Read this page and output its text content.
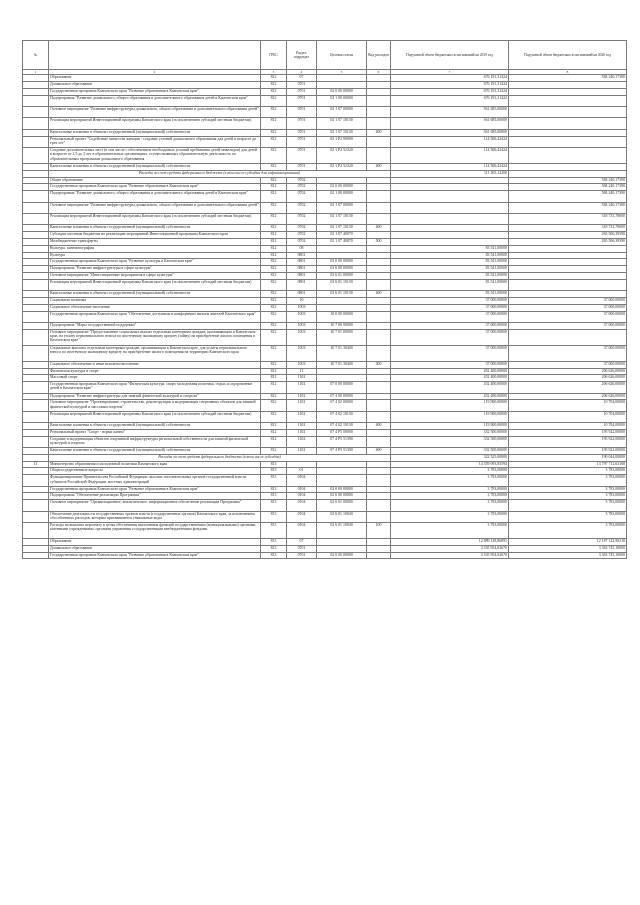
№		ГРБС	Раздел, подраздел	Целевая статья	Вид расходов	Подушевой объем бюджетных ассигнований на 2019 год	Подушевой объем бюджетных ассигнований на 2020 год
1	2	3	4	5	6	7	8
	Образование	812	07			676 191,31424	584 240,17390
	Дошкольное образование	812	0701			676 191,31424	
	Государственная программа Камчатского края "Развитие образования в Камчатском крае"	812	0701	02 0 00 00000		676 191,31424	
	Подпрограмма "Развитие дошкольного, общего образования и дополнительного образования детей в Камчатском крае"	812	0701	02 1 00 00000		676 191,31424	
	Основное мероприятие "Развитие инфраструктуры дошкольного, общего образования и дополнительного образования детей"	812	0701	02 1 07 00000		561 685,00000	
	Реализация мероприятий Инвестиционной программы Камчатского края (за исключением субсидий местным бюджетам)	812	0701	02 1 07 10130		561 685,00000	
	Капитальные вложения в объекты государственной (муниципальной) собственности	812	0701	02 1 07 10130	400	561 685,00000	
	Региональный проект "Содействие занятости женщин - создание условий дошкольного образования для детей в возрасте до трех лет"	812	0701	02 1 P2 00000		114 506,42424	
	Создание дополнительных мест (в том числе с обеспечением необходимых условий пребывания детей-инвалидов) для детей в возрасте от 1,5 до 3 лет в образовательных организациях, осуществляющих образовательную деятельность по образовательным программам дошкольного образования	812	0701	02 1 P2 52320		114 506,42424	
	Капитальные вложения в объекты государственной (муниципальной) собственности	812	0701	02 1 P2 52320	400	114 506,42424	
	Расходы за счет средств федерального бюджета (в том числе субсидии для софинансирования)					111 265,12200	
	Общее образование	812	0702				584 240,17390
	Государственная программа Камчатского края "Развитие образования в Камчатском крае"	812	0702	02 0 00 00000			584 240,17390
	Подпрограмма "Развитие дошкольного, общего образования и дополнительного образования детей в Камчатском крае"	812	0702	02 1 00 00000			584 240,17390
	Основное мероприятие "Развитие инфраструктуры дошкольного, общего образования и дополнительного образования детей"	812	0702	02 1 07 00000			584 240,17390
	Реализация мероприятий Инвестиционной программы Камчатского края (за исключением субсидий местным бюджетам)	812	0702	02 1 07 10130			318 733,78000
	Капитальные вложения в объекты государственной (муниципальной) собственности	812	0702	02 1 07 10130	400		318 733,78000
	Субсидии местным бюджетам на реализацию мероприятий Инвестиционной программы Камчатского края	812	0702	02 1 07 40070			265 506,39390
	Межбюджетные трансферты	812	0702	02 1 07 40070	500		265 506,39390
	Культура, кинематография	812	08			83 541,00000	
	Культура	812	0801			83 541,00000	
	Государственная программа Камчатского края "Развитие культуры в Камчатском крае"	812	0801	03 0 00 00000		83 541,00000	
	Подпрограмма "Развитие инфраструктуры в сфере культуры"	812	0801	03 6 00 00000		83 541,00000	
	Основное мероприятие "Инвестиционные мероприятия в сфере культуры"	812	0801	03 6 01 00000		83 541,00000	
	Реализация мероприятий Инвестиционной программы Камчатского края (за исключением субсидий местным бюджетам)	812	0801	03 6 01 10130		83 541,00000	
	Капитальные вложения в объекты государственной (муниципальной) собственности	812	0801	03 6 01 10130	400	83 541,00000	
	Социальная политика	812	10			37 000,00000	37 000,00000
	Социальное обеспечение населения	812	1003			37 000,00000	37 000,00000
	Государственная программа Камчатского края "Обеспечение доступным и комфортным жильем жителей Камчатского края"	812	1003	10 0 00 00000		37 000,00000	37 000,00000
	Подпрограмма "Меры государственной поддержки"	812	1003	10 7 00 00000		37 000,00000	37 000,00000
	Основное мероприятие "Предоставление социальных выплат отдельным категориям граждан, проживающим в Камчатском крае, на уплату первоначального взноса по ипотечному жилищному кредиту (займу) на приобретение жилого помещения в Камчатском крае"	812	1003	10 7 01 00000		37 000,00000	
	Социальные выплаты отдельным категориям граждан, проживающим в Камчатском крае, для уплаты первоначального взноса по ипотечному жилищному кредиту на приобретение жилого помещения на территории Камчатского края	812	1003	10 7 01 30400		37 000,00000	37 000,00000
	Социальное обеспечение и иные выплаты населению	812	1003	10 7 01 30400	300	37 000,00000	37 000,00000
	Физическая культура и спорт	812	11			452 400,00000	206 626,00000
	Массовый спорт	812	1102			452 400,00000	206 626,00000
	Государственная программа Камчатского края "Физическая культура, спорт, молодежная политика, отдых и оздоровление детей в Камчатском крае"	812	1102	07 0 00 00000		452 400,00000	206 626,00000
	Подпрограмма "Развитие инфраструктуры для занятий физической культурой и спортом"	812	1102	07 4 00 00000		452 400,00000	206 626,00000
	Основное мероприятие "Проектирование, строительство, реконструкция и модернизация спортивных объектов для занятий физической культурой и массовым спортом"	812	1102	07 4 02 00000		119 900,00000	10 704,00000
	Реализация мероприятий Инвестиционной программы Камчатского края (за исключением субсидий местным бюджетам)	812	1102	07 4 02 10130		119 900,00000	10 704,00000
	Капитальные вложения в объекты государственной (муниципальной) собственности	812	1102	07 4 02 10130	400	119 900,00000	10 704,00000
	Региональный проект "Спорт - норма жизни"	812	1102	07 4 P5 00000		332 500,00000	195 922,00000
	Создание и модернизация объектов спортивной инфраструктуры региональной собственности для занятий физической культурой и спортом	812	1102	07 4 P5 51390		332 500,00000	195 922,00000
	Капитальные вложения в объекты государственной (муниципальной) собственности	812	1102	07 4 P5 51390	400	332 500,00000	195 922,00000
	Расходы за счет средств федерального бюджета (в том числе субсидии)					322 525,00000	190 044,00000
11	Министерство образования и молодежной политики Камчатского края	813				14 359 093,83594	13 797 712,63168
	Общегосударственные вопросы	813	01			3 783,00000	3 783,00000
	Функционирование Правительства Российской Федерации, высших исполнительных органов государственной власти субъектов Российской Федерации, местных администраций	813	0104			3 783,00000	3 783,00000
	Государственная программа Камчатского края "Развитие образования в Камчатском крае"	813	0104	02 0 00 00000		3 783,00000	3 783,00000
	Подпрограмма "Обеспечение реализации Программы"	813	0104	02 6 00 00000		3 783,00000	3 783,00000
	Основное мероприятие "Организационное, аналитическое, информационное обеспечение реализации Программы"	813	0104	02 6 01 00000		3 783,00000	3 783,00000
	Обеспечение деятельности государственных органов власти (государственных органов) Камчатского края, за исключением обособленных расходов, которым присваиваются уникальные коды	813	0104	02 6 01 10040		3 783,00000	3 783,00000
	Расходы на выплаты персоналу в целях обеспечения выполнения функций государственными (муниципальными) органами, казенными учреждениями, органами управления государственными внебюджетными фондами	813	0104	02 6 01 10040	100	3 783,00000	3 783,00000
	Образование	813	07			12 889 128,86891	12 187 122,90218
	Дошкольное образование	813	0701			3 335 954,02670	3 363 745,10000
	Государственная программа Камчатского края "Развитие образования в Камчатском крае"	813	0701	02 0 00 00000		3 335 954,02670	3 363 745,10000
